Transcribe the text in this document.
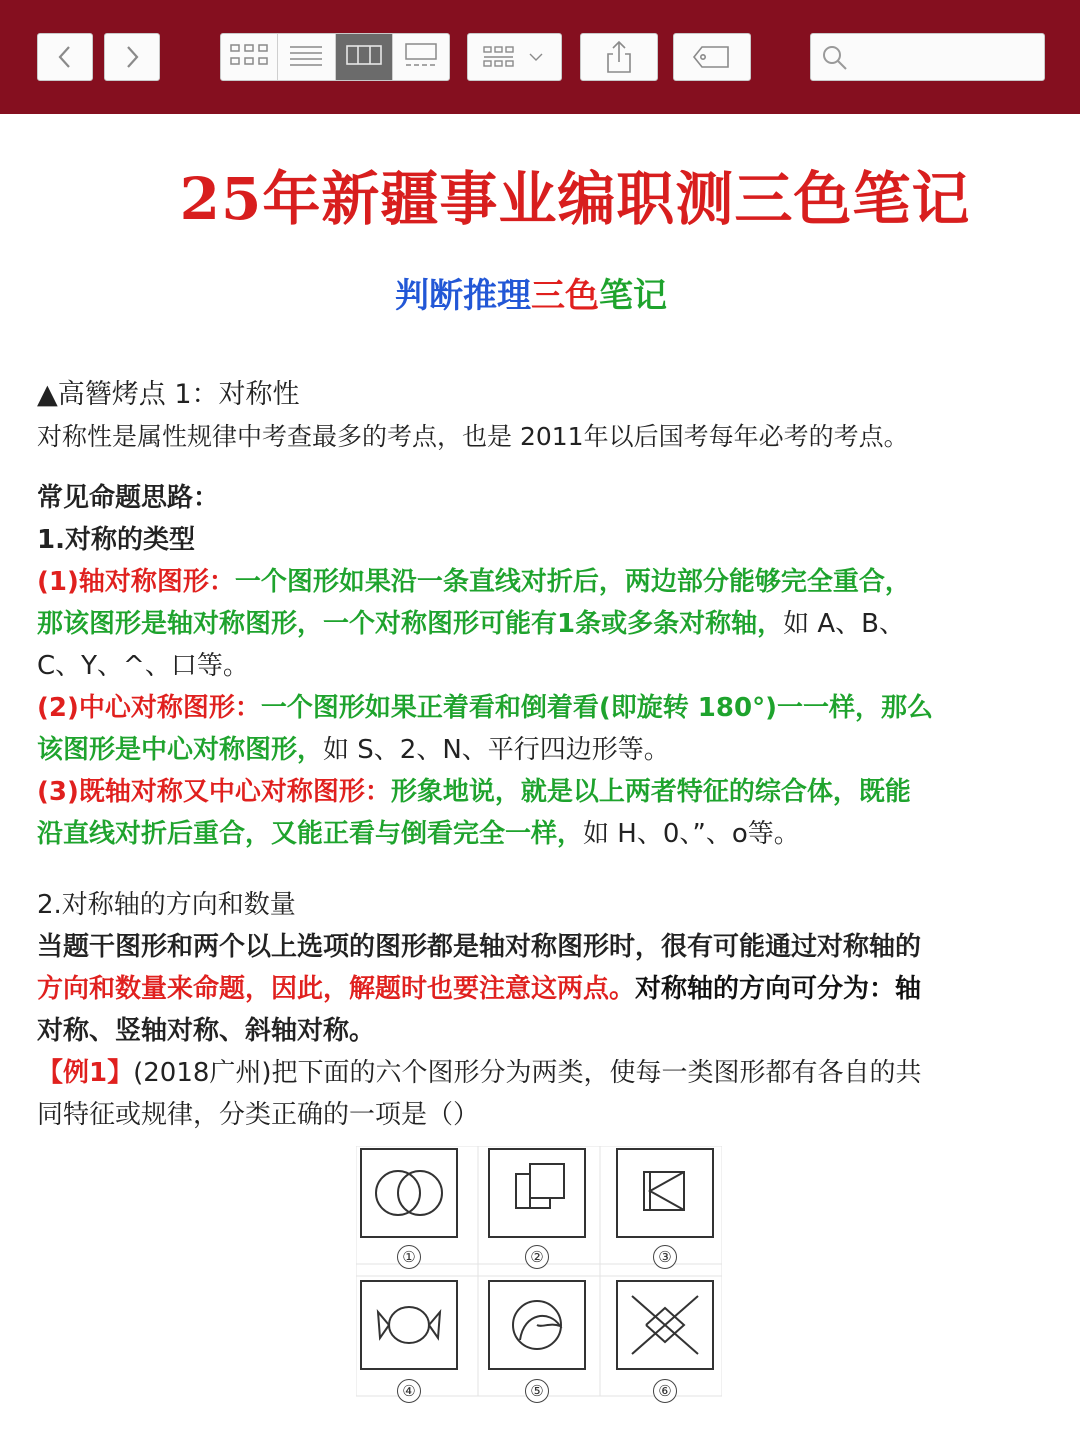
25年新疆事业编职测三色笔记
判断推理三色笔记
▲高簪烤点 1：对称性
对称性是属性规律中考查最多的考点，也是 2011年以后国考每年必考的考点。
常见命题思路：
1.对称的类型
(1)轴对称图形：一个图形如果沿一条直线对折后，两边部分能够完全重合，
那该图形是轴对称图形，一个对称图形可能有1条或多条对称轴，如 A、B、
C、Y、^、口等。
(2)中心对称图形：一个图形如果正着看和倒着看(即旋转 180°)一一样，那么
该图形是中心对称图形，如 S、2、N、平行四边形等。
(3)既轴对称又中心对称图形：形象地说，就是以上两者特征的综合体，既能
沿直线对折后重合，又能正看与倒看完全一样，如 H、0、”、o等。
2.对称轴的方向和数量
当题干图形和两个以上选项的图形都是轴对称图形时，很有可能通过对称轴的
方向和数量来命题，因此，解题时也要注意这两点。对称轴的方向可分为：轴
对称、竖轴对称、斜轴对称。
【例1】(2018广州)把下面的六个图形分为两类，使每一类图形都有各自的共
同特征或规律，分类正确的一项是（）
①	②	③
④	⑤	⑥
